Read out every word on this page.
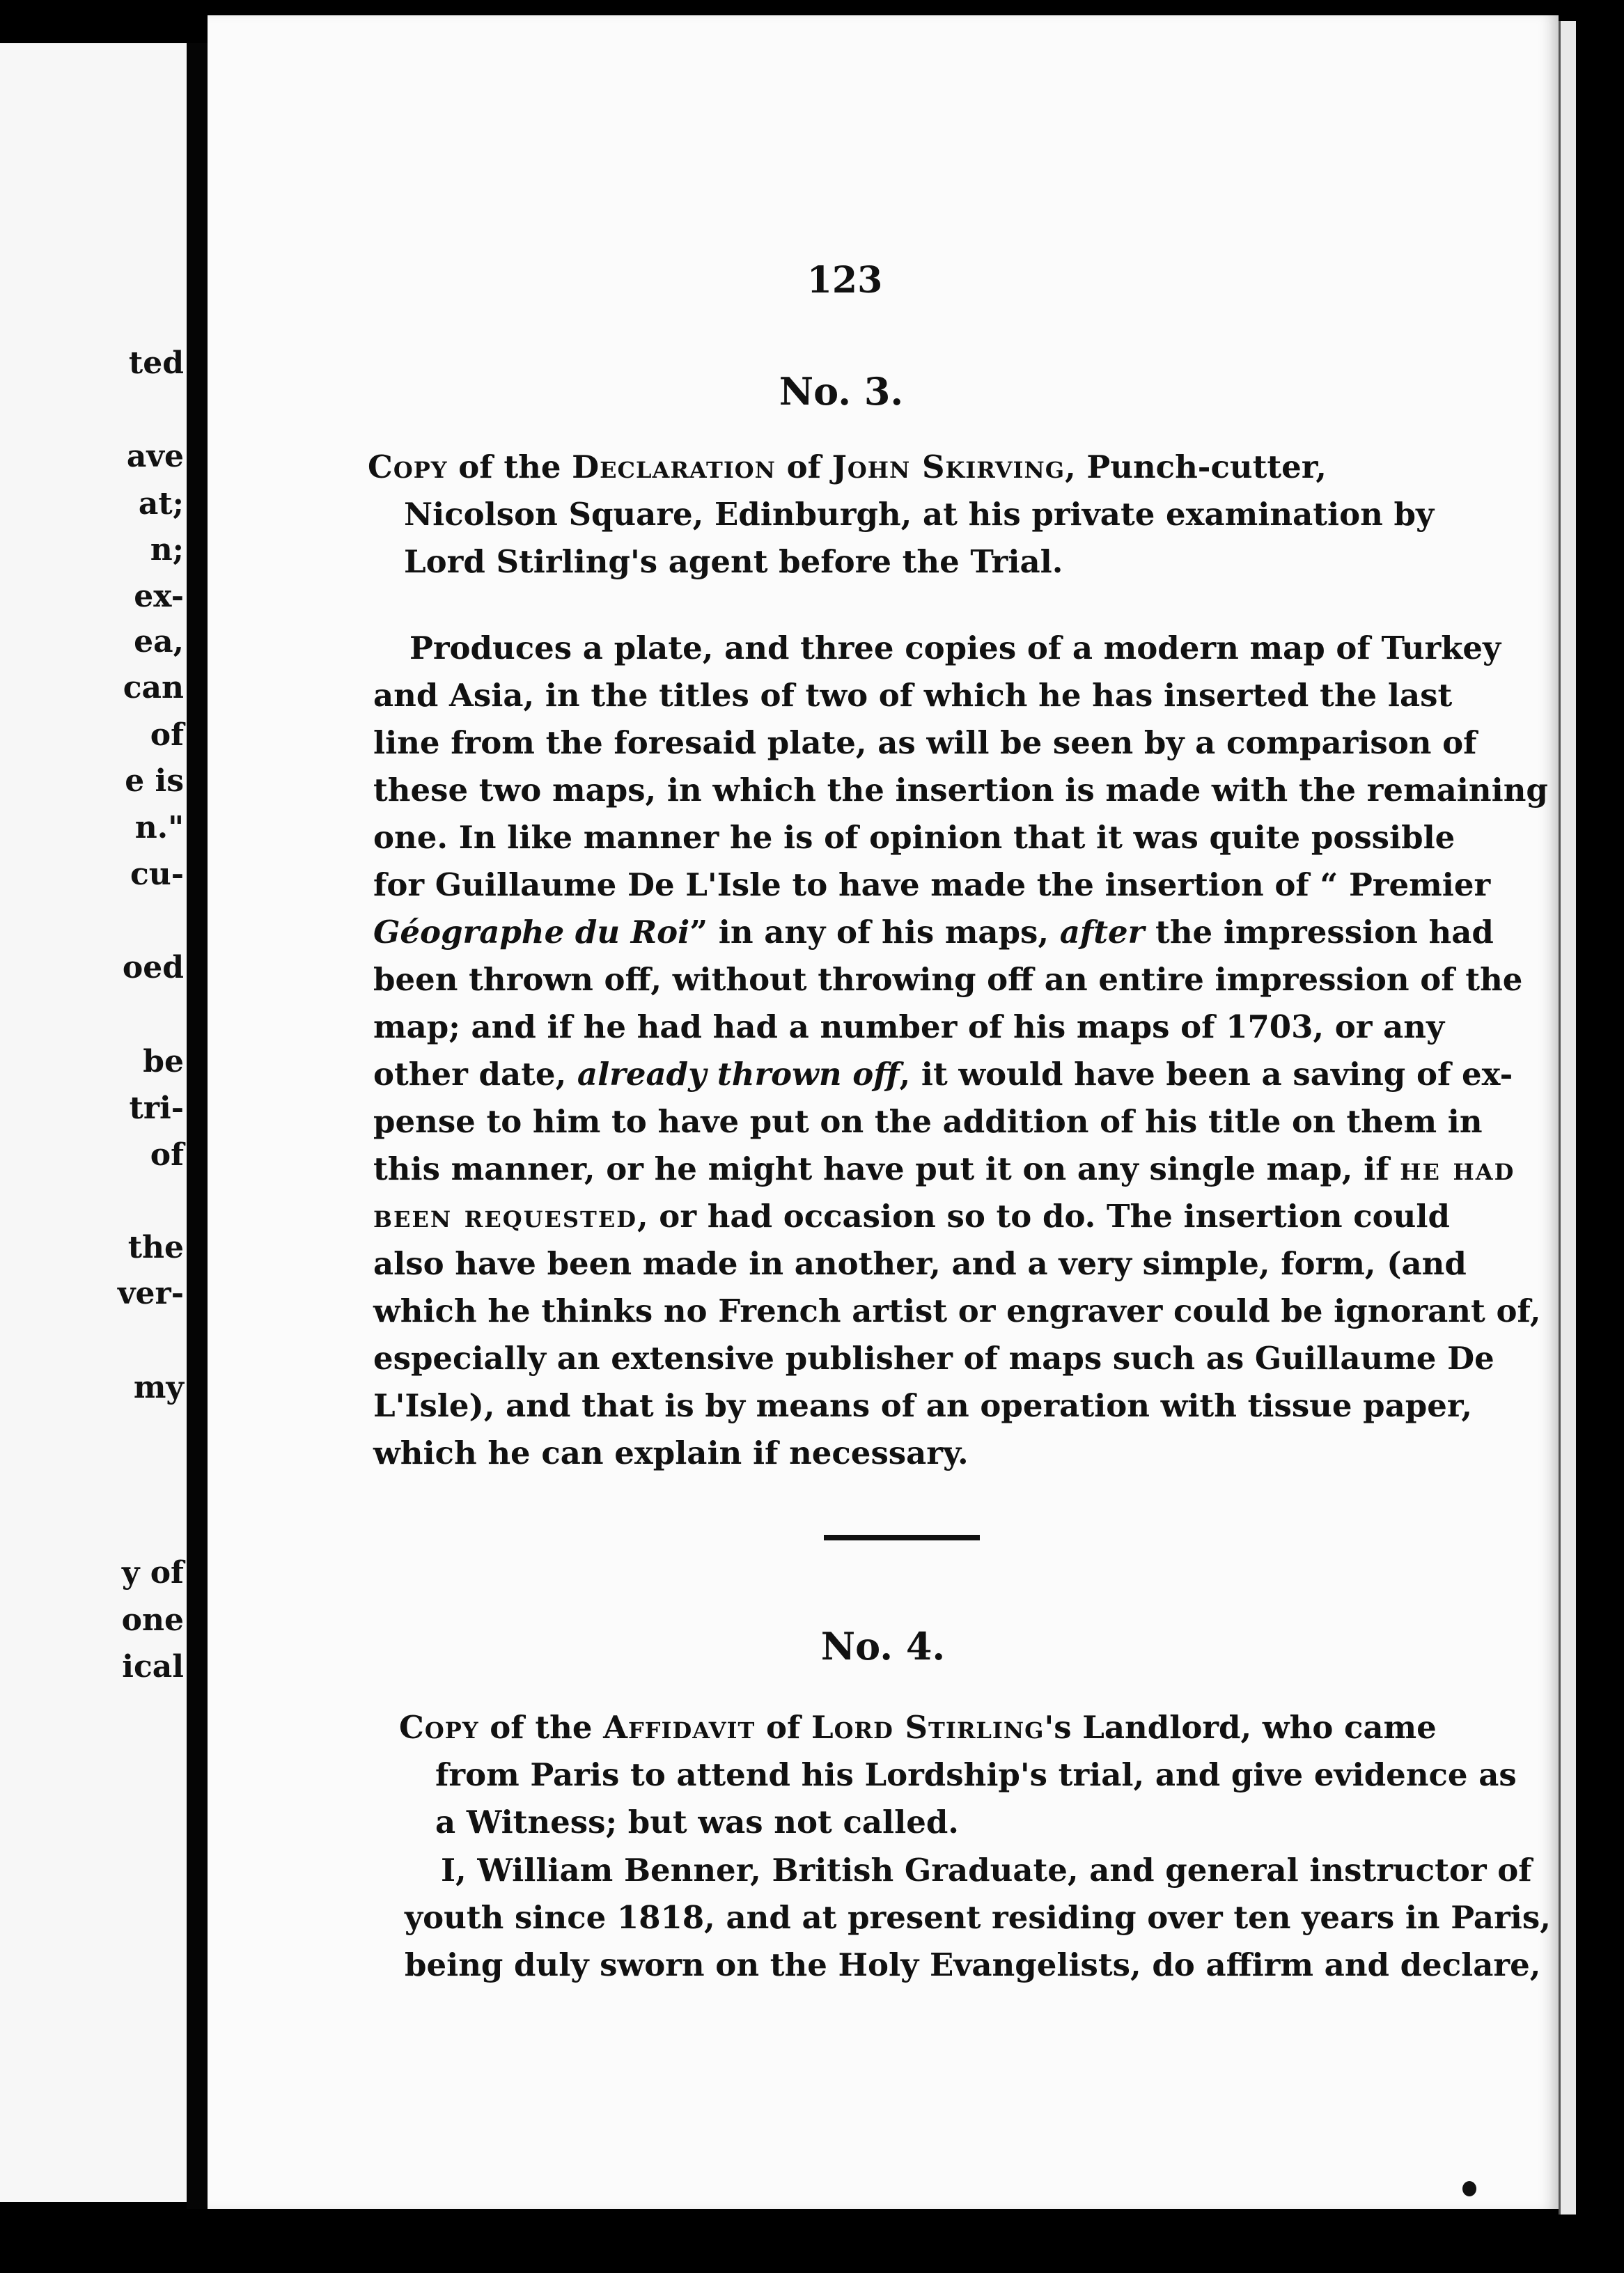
ted
ave
at;
n;
ex-
ea,
can
of
e is
n."
cu-
oed
be
tri-
of
the
ver-
my
y of
one
ical
123
No. 3.
Copy of the Declaration of John Skirving, Punch-cutter,
Nicolson Square, Edinburgh, at his private examination by
Lord Stirling's agent before the Trial.
Produces a plate, and three copies of a modern map of Turkey
and Asia, in the titles of two of which he has inserted the last
line from the foresaid plate, as will be seen by a comparison of
these two maps, in which the insertion is made with the remaining
one. In like manner he is of opinion that it was quite possible
for Guillaume De L'Isle to have made the insertion of “ Premier
Géographe du Roi” in any of his maps, after the impression had
been thrown off, without throwing off an entire impression of the
map; and if he had had a number of his maps of 1703, or any
other date, already thrown off, it would have been a saving of ex-
pense to him to have put on the addition of his title on them in
this manner, or he might have put it on any single map, if he had
been requested, or had occasion so to do. The insertion could
also have been made in another, and a very simple, form, (and
which he thinks no French artist or engraver could be ignorant of,
especially an extensive publisher of maps such as Guillaume De
L'Isle), and that is by means of an operation with tissue paper,
which he can explain if necessary.
No. 4.
Copy of the Affidavit of Lord Stirling's Landlord, who came
from Paris to attend his Lordship's trial, and give evidence as
a Witness; but was not called.
I, William Benner, British Graduate, and general instructor of
youth since 1818, and at present residing over ten years in Paris,
being duly sworn on the Holy Evangelists, do affirm and declare,
